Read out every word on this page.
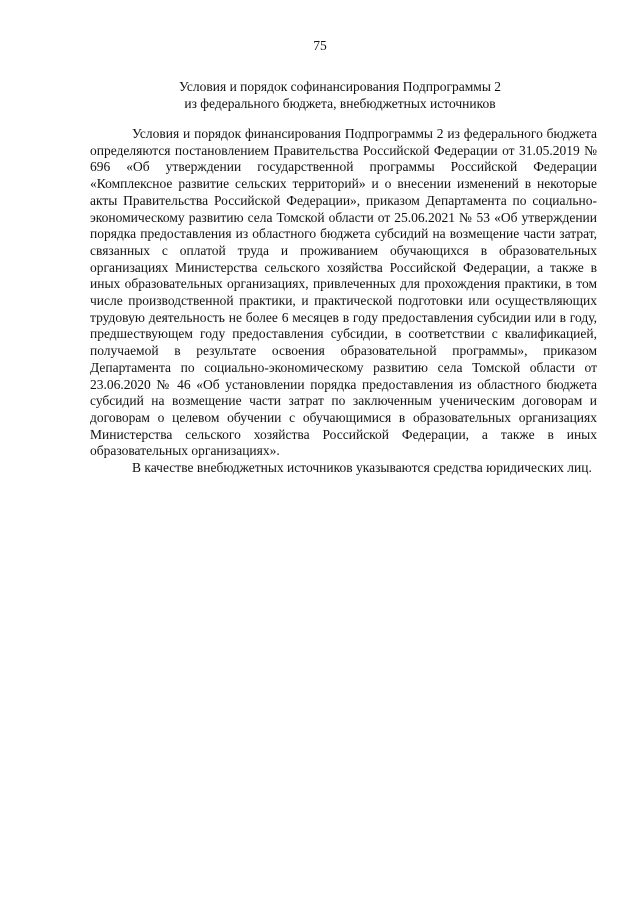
75
Условия и порядок софинансирования Подпрограммы 2
из федерального бюджета, внебюджетных источников

Условия и порядок финансирования Подпрограммы 2 из федерального бюджета определяются постановлением Правительства Российской Федерации от 31.05.2019 № 696 «Об утверждении государственной программы Российской Федерации «Комплексное развитие сельских территорий» и о внесении изменений в некоторые акты Правительства Российской Федерации», приказом Департамента по социально-экономическому развитию села Томской области от 25.06.2021 № 53 «Об утверждении порядка предоставления из областного бюджета субсидий на возмещение части затрат, связанных с оплатой труда и проживанием обучающихся в образовательных организациях Министерства сельского хозяйства Российской Федерации, а также в иных образовательных организациях, привлеченных для прохождения практики, в том числе производственной практики, и практической подготовки или осуществляющих трудовую деятельность не более 6 месяцев в году предоставления субсидии или в году, предшествующем году предоставления субсидии, в соответствии с квалификацией, получаемой в результате освоения образовательной программы», приказом Департамента по социально-экономическому развитию села Томской области от 23.06.2020 № 46 «Об установлении порядка предоставления из областного бюджета субсидий на возмещение части затрат по заключенным ученическим договорам и договорам о целевом обучении с обучающимися в образовательных организациях Министерства сельского хозяйства Российской Федерации, а также в иных образовательных организациях».

В качестве внебюджетных источников указываются средства юридических лиц.
